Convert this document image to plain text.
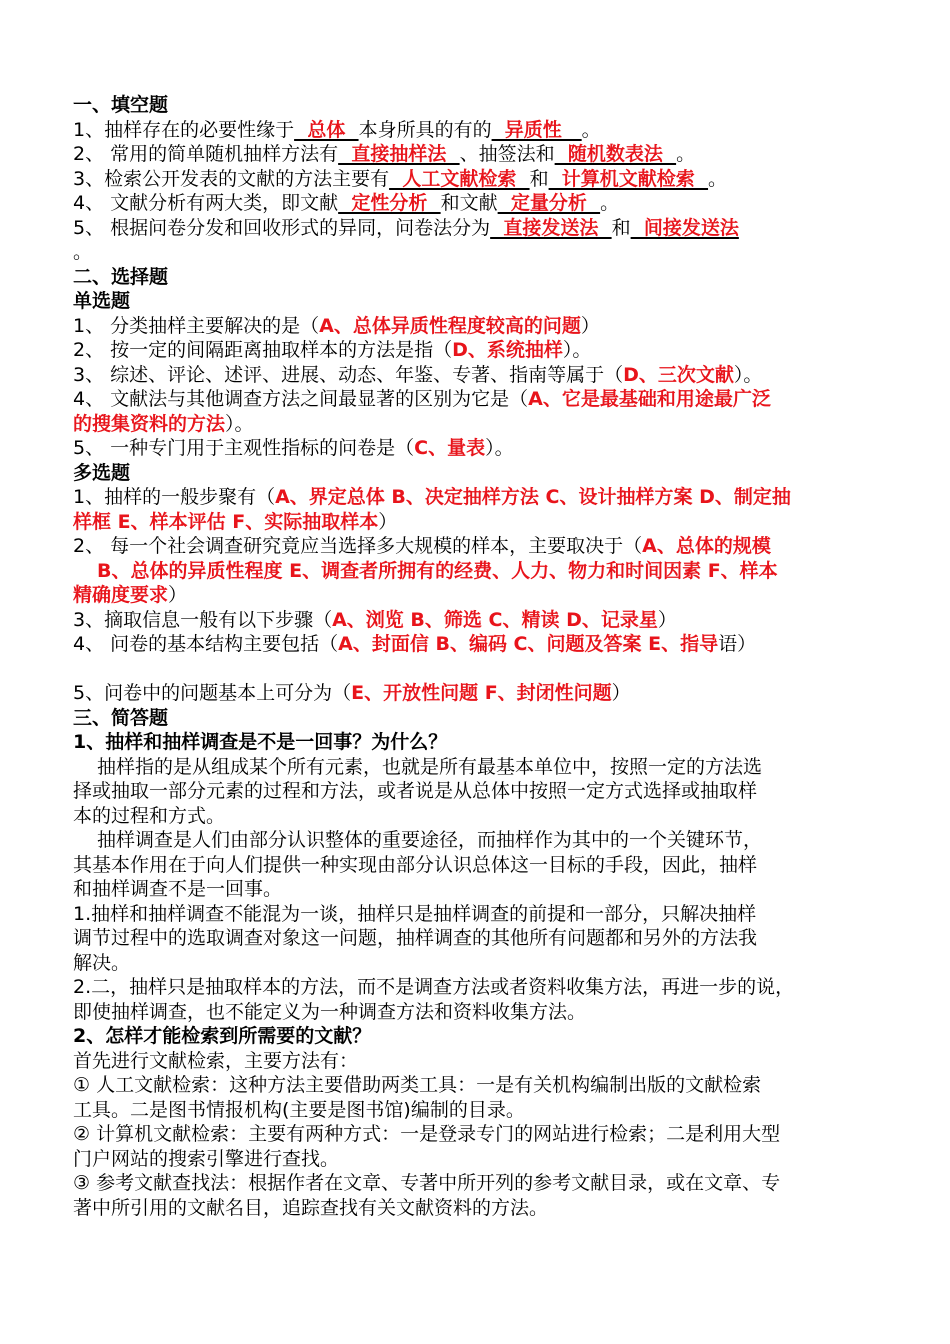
一、填空题
1、抽样存在的必要性缘于  总体  本身所具的有的  异质性   。
2、 常用的简单随机抽样方法有  直接抽样法  、抽签法和  随机数表法  。
3、检索公开发表的文献的方法主要有  人工文献检索  和  计算机文献检索  。
4、 文献分析有两大类，即文献  定性分析  和文献  定量分析  。
5、 根据问卷分发和回收形式的异同，问卷法分为  直接发送法  和  间接发送法
。
二、选择题
单选题
1、 分类抽样主要解决的是（A、总体异质性程度较高的问题）
2、 按一定的间隔距离抽取样本的方法是指（D、系统抽样）。
3、 综述、评论、述评、进展、动态、年鉴、专著、指南等属于（D、三次文献）。
4、 文献法与其他调查方法之间最显著的区别为它是（A、它是最基础和用途最广泛
的搜集资料的方法）。
5、 一种专门用于主观性指标的问卷是（C、量表）。
多选题
1、抽样的一般步聚有（A、界定总体 B、决定抽样方法 C、设计抽样方案 D、制定抽
样框 E、样本评估 F、实际抽取样本）
2、 每一个社会调查研究竟应当选择多大规模的样本，主要取决于（A、总体的规模
B、总体的异质性程度 E、调查者所拥有的经费、人力、物力和时间因素 F、样本
精确度要求）
3、摘取信息一般有以下步骤（A、浏览 B、筛选 C、精读 D、记录星）
4、 问卷的基本结构主要包括（A、封面信 B、编码 C、问题及答案 E、指导语）
5、问卷中的问题基本上可分为（E、开放性问题 F、封闭性问题）
三、简答题
1、抽样和抽样调查是不是一回事？为什么？
抽样指的是从组成某个所有元素，也就是所有最基本单位中，按照一定的方法选
择或抽取一部分元素的过程和方法，或者说是从总体中按照一定方式选择或抽取样
本的过程和方式。
抽样调查是人们由部分认识整体的重要途径，而抽样作为其中的一个关键环节，
其基本作用在于向人们提供一种实现由部分认识总体这一目标的手段，因此，抽样
和抽样调查不是一回事。
1.抽样和抽样调查不能混为一谈，抽样只是抽样调查的前提和一部分，只解决抽样
调节过程中的选取调查对象这一问题，抽样调查的其他所有问题都和另外的方法我
解决。
2.二，抽样只是抽取样本的方法，而不是调查方法或者资料收集方法，再进一步的说，
即使抽样调查，也不能定义为一种调查方法和资料收集方法。
2、怎样才能检索到所需要的文献？
首先进行文献检索，主要方法有：
① 人工文献检索：这种方法主要借助两类工具：一是有关机构编制出版的文献检索
工具。二是图书情报机构(主要是图书馆)编制的目录。
② 计算机文献检索：主要有两种方式：一是登录专门的网站进行检索；二是利用大型
门户网站的搜索引擎进行查找。
③ 参考文献查找法：根据作者在文章、专著中所开列的参考文献目录，或在文章、专
著中所引用的文献名目，追踪查找有关文献资料的方法。
